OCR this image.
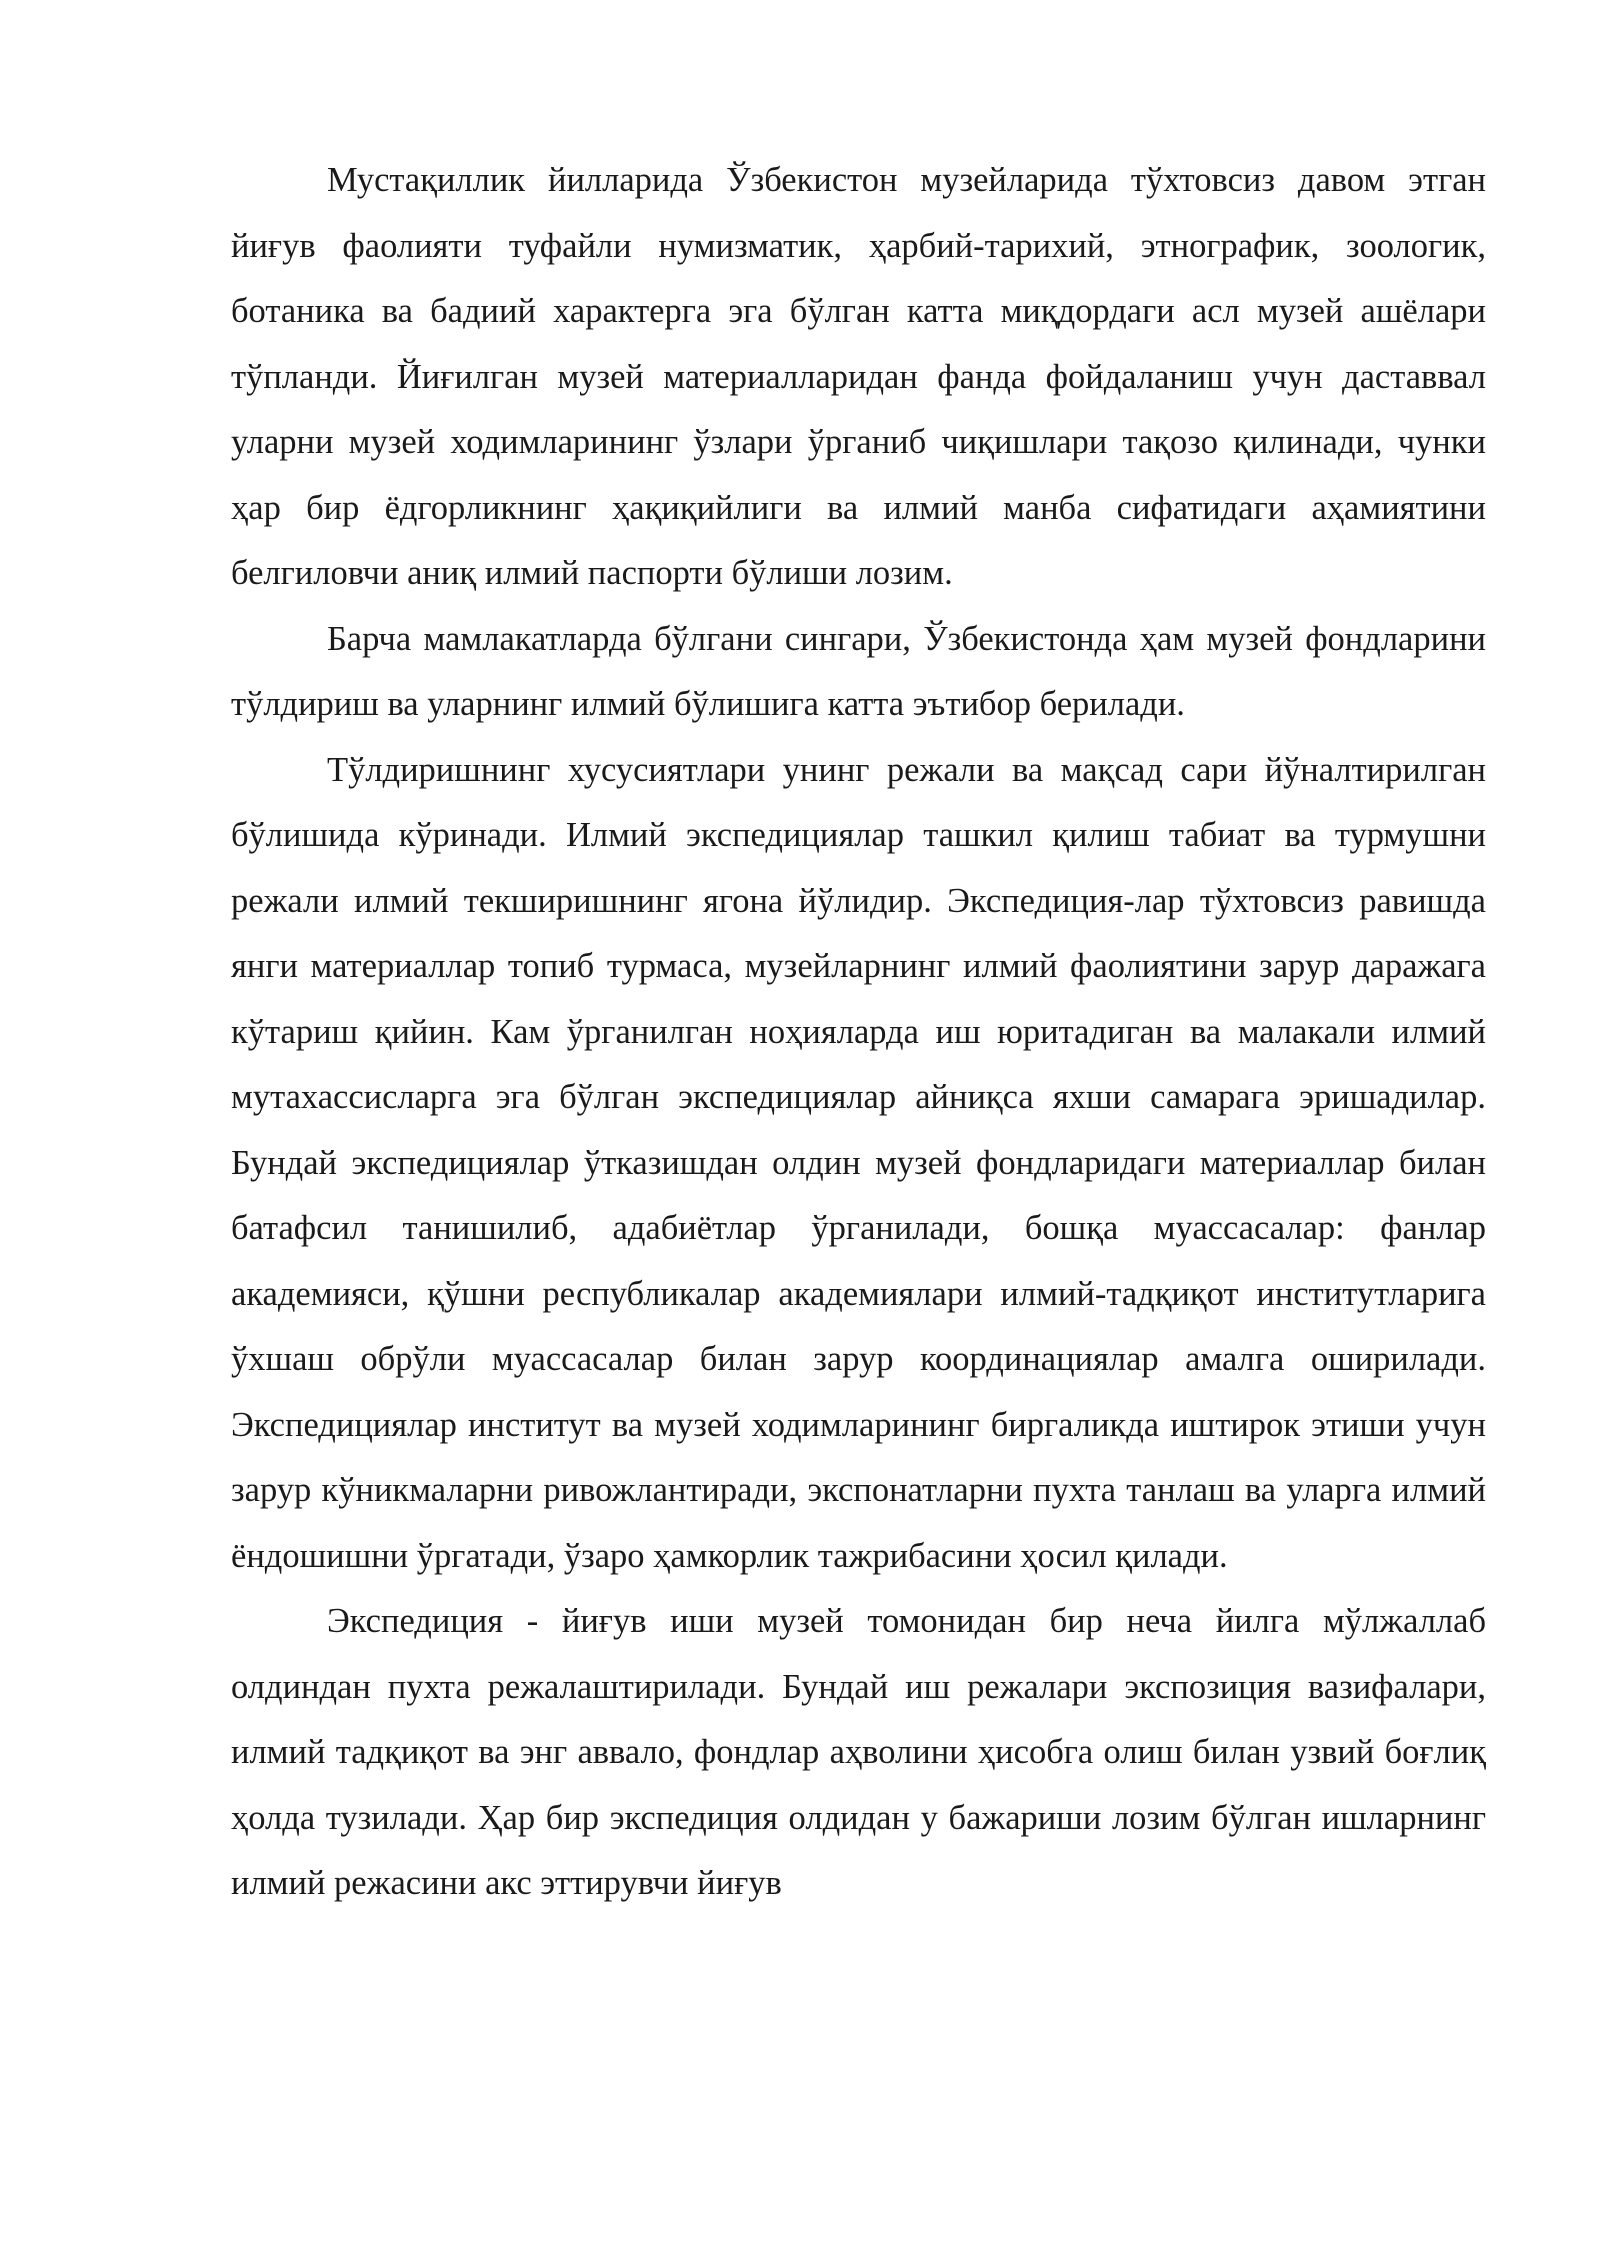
Мустақиллик йилларида Ўзбекистон музейларида тўхтовсиз давом этган йиғув фаолияти туфайли нумизматик, ҳарбий-тарихий, этнографик, зоологик, ботаника ва бадиий характерга эга бўлган катта миқдордаги асл музей ашёлари тўпланди. Йиғилган музей материалларидан фанда фойдаланиш учун даставвал уларни музей ходимларининг ўзлари ўрганиб чиқишлари тақозо қилинади, чунки ҳар бир ёдгорликнинг ҳақиқийлиги ва илмий манба сифатидаги аҳамиятини белгиловчи аниқ илмий паспорти бўлиши лозим.

Барча мамлакатларда бўлгани сингари, Ўзбекистонда ҳам музей фондларини тўлдириш ва уларнинг илмий бўлишига катта эътибор берилади.

Тўлдиришнинг хусусиятлари унинг режали ва мақсад сари йўналтирилган бўлишида кўринади. Илмий экспедициялар ташкил қилиш табиат ва турмушни режали илмий текширишнинг ягона йўлидир. Экспедиция-лар тўхтовсиз равишда янги материаллар топиб турмаса, музейларнинг илмий фаолиятини зарур даражага кўтариш қийин. Кам ўрганилган ноҳияларда иш юритадиган ва малакали илмий мутахассисларга эга бўлган экспедициялар айниқса яхши самарага эришадилар. Бундай экспедициялар ўтказишдан олдин музей фондларидаги материаллар билан батафсил танишилиб, адабиётлар ўрганилади, бошқа муассасалар: фанлар академияси, қўшни республикалар академиялари илмий-тадқиқот институтларига ўхшаш обрўли муассасалар билан зарур координациялар амалга оширилади. Экспедициялар институт ва музей ходимларининг биргаликда иштирок этиши учун зарур кўникмаларни ривожлантиради, экспонатларни пухта танлаш ва уларга илмий ёндошишни ўргатади, ўзаро ҳамкорлик тажрибасини ҳосил қилади.

Экспедиция - йиғув иши музей томонидан бир неча йилга мўлжаллаб олдиндан пухта режалаштирилади. Бундай иш режалари экспозиция вазифалари, илмий тадқиқот ва энг аввало, фондлар аҳволини ҳисобга олиш билан узвий боғлиқ ҳолда тузилади. Ҳар бир экспедиция олдидан у бажариши лозим бўлган ишларнинг илмий режасини акс эттирувчи йиғув
